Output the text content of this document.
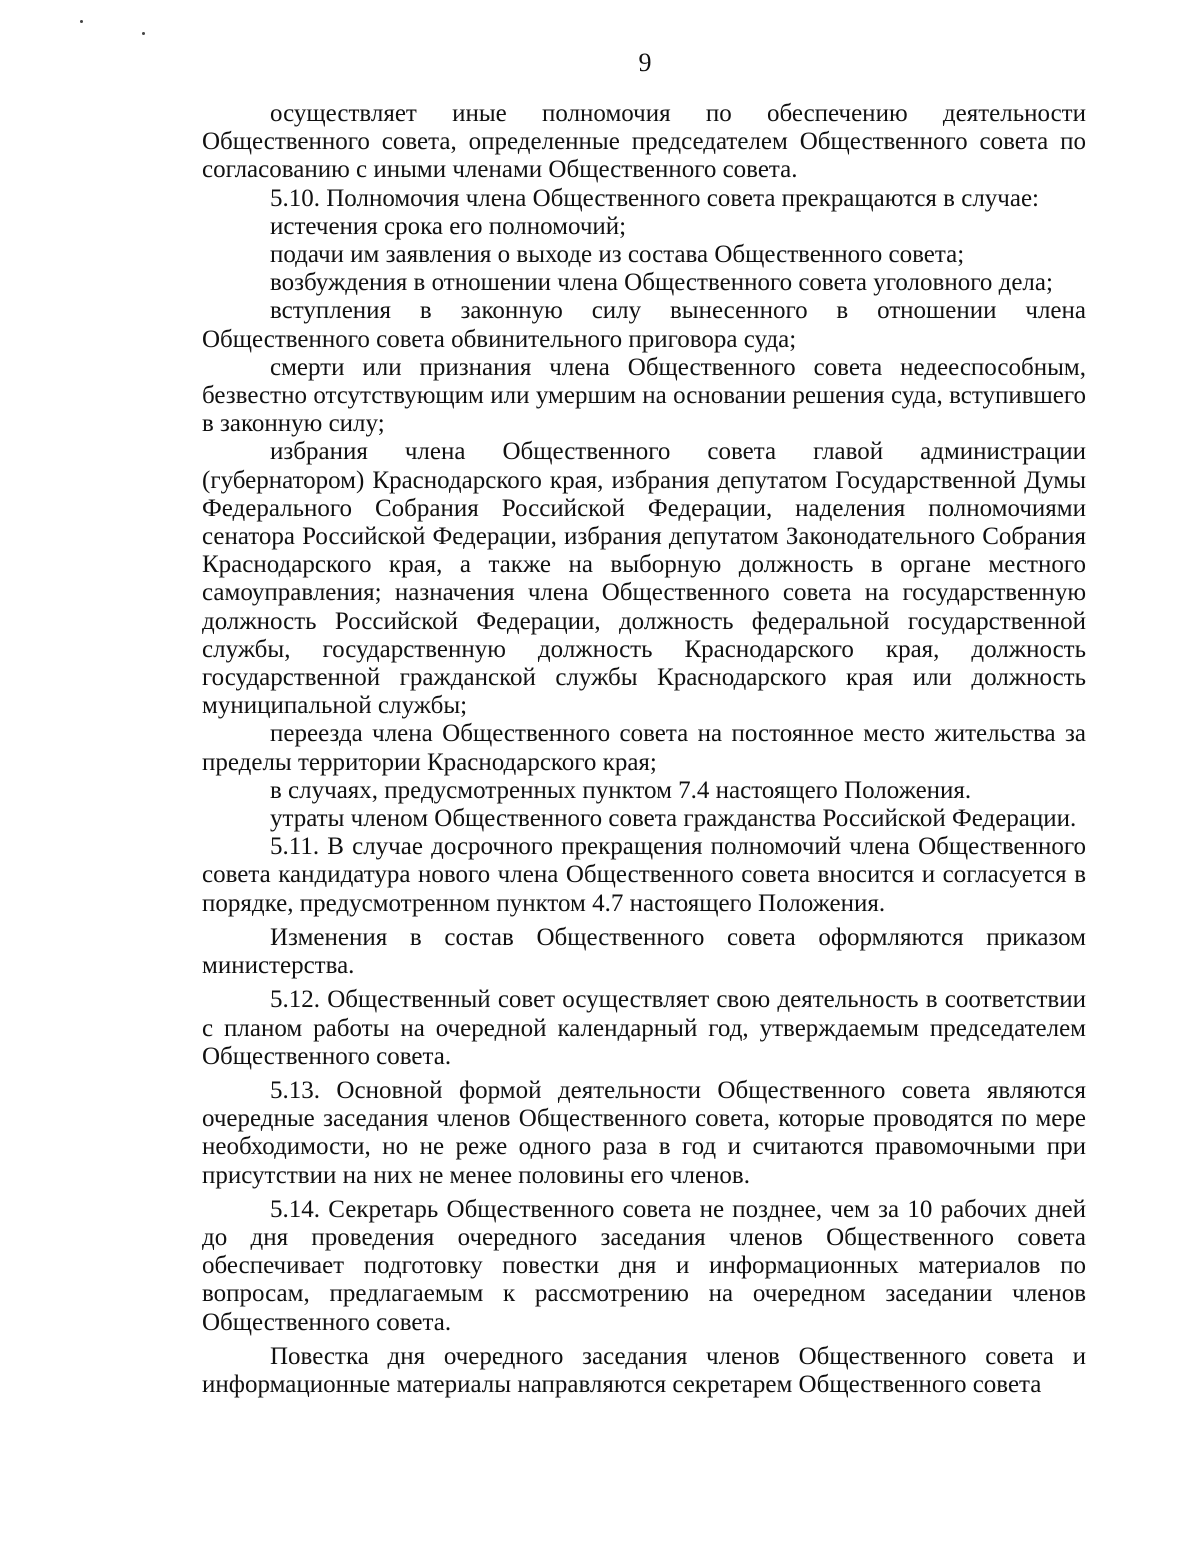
9

осуществляет иные полномочия по обеспечению деятельности Общественного совета, определенные председателем Общественного совета по согласованию с иными членами Общественного совета.

5.10. Полномочия члена Общественного совета прекращаются в случае:

истечения срока его полномочий;

подачи им заявления о выходе из состава Общественного совета;

возбуждения в отношении члена Общественного совета уголовного дела;

вступления в законную силу вынесенного в отношении члена Общественного совета обвинительного приговора суда;

смерти или признания члена Общественного совета недееспособным, безвестно отсутствующим или умершим на основании решения суда, вступившего в законную силу;

избрания члена Общественного совета главой администрации (губернатором) Краснодарского края, избрания депутатом Государственной Думы Федерального Собрания Российской Федерации, наделения полномочиями сенатора Российской Федерации, избрания депутатом Законодательного Собрания Краснодарского края, а также на выборную должность в органе местного самоуправления; назначения члена Общественного совета на государственную должность Российской Федерации, должность федеральной государственной службы, государственную должность Краснодарского края, должность государственной гражданской службы Краснодарского края или должность муниципальной службы;

переезда члена Общественного совета на постоянное место жительства за пределы территории Краснодарского края;

в случаях, предусмотренных пунктом 7.4 настоящего Положения.

утраты членом Общественного совета гражданства Российской Федерации.

5.11. В случае досрочного прекращения полномочий члена Общественного совета кандидатура нового члена Общественного совета вносится и согласуется в порядке, предусмотренном пунктом 4.7 настоящего Положения.

Изменения в состав Общественного совета оформляются приказом министерства.

5.12. Общественный совет осуществляет свою деятельность в соответствии с планом работы на очередной календарный год, утверждаемым председателем Общественного совета.

5.13. Основной формой деятельности Общественного совета являются очередные заседания членов Общественного совета, которые проводятся по мере необходимости, но не реже одного раза в год и считаются правомочными при присутствии на них не менее половины его членов.

5.14. Секретарь Общественного совета не позднее, чем за 10 рабочих дней до дня проведения очередного заседания членов Общественного совета обеспечивает подготовку повестки дня и информационных материалов по вопросам, предлагаемым к рассмотрению на очередном заседании членов Общественного совета.

Повестка дня очередного заседания членов Общественного совета и информационные материалы направляются секретарем Общественного совета
